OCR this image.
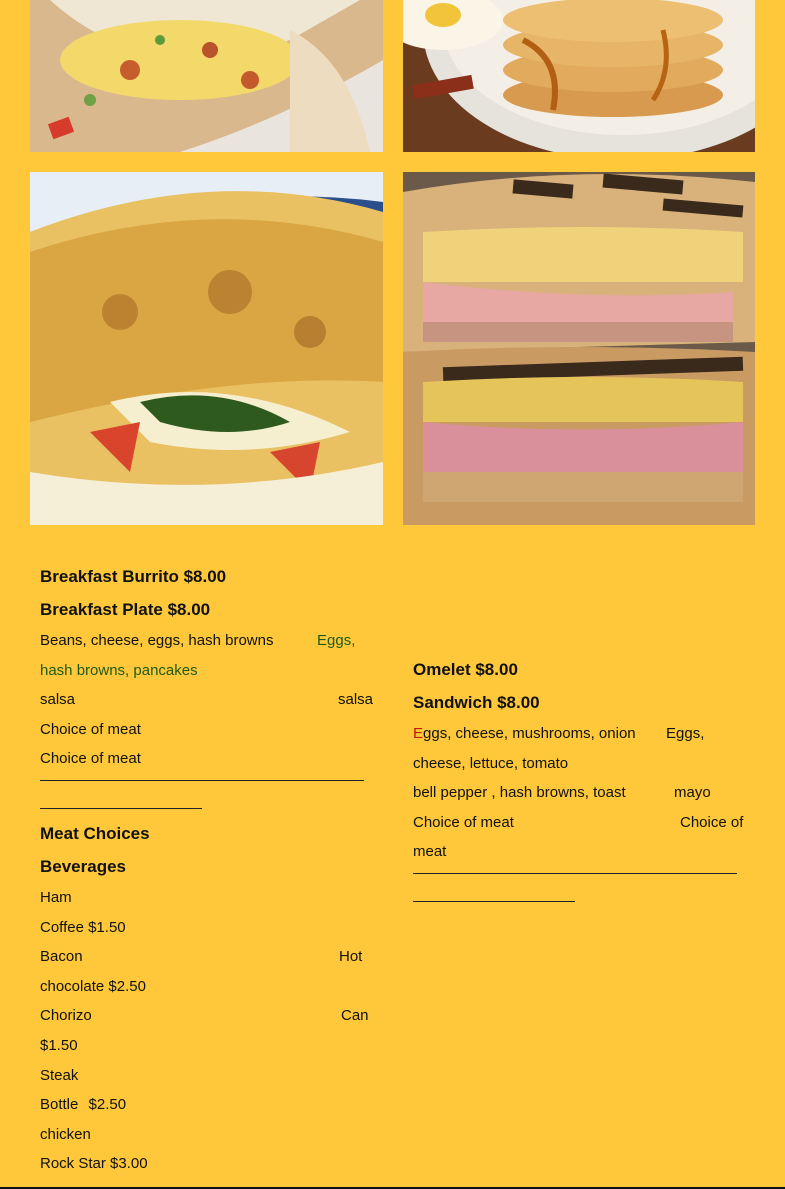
Breakfast Burrito $8.00
Breakfast Plate $8.00
Beans, cheese, eggs, hash browns	Eggs,
hash browns, pancakes
salsa	salsa
Choice of meat
Choice of meat
Meat Choices
Beverages
Ham
Coffee $1.50
Bacon	Hot
chocolate $2.50
Chorizo	Can
$1.50
Steak
Bottle $2.50
chicken
Rock Star $3.00
Omelet $8.00
Sandwich $8.00
Eggs, cheese, mushrooms, onion Eggs,
cheese, lettuce, tomato
bell pepper , hash browns, toast	mayo
Choice of meat	Choice of
meat
